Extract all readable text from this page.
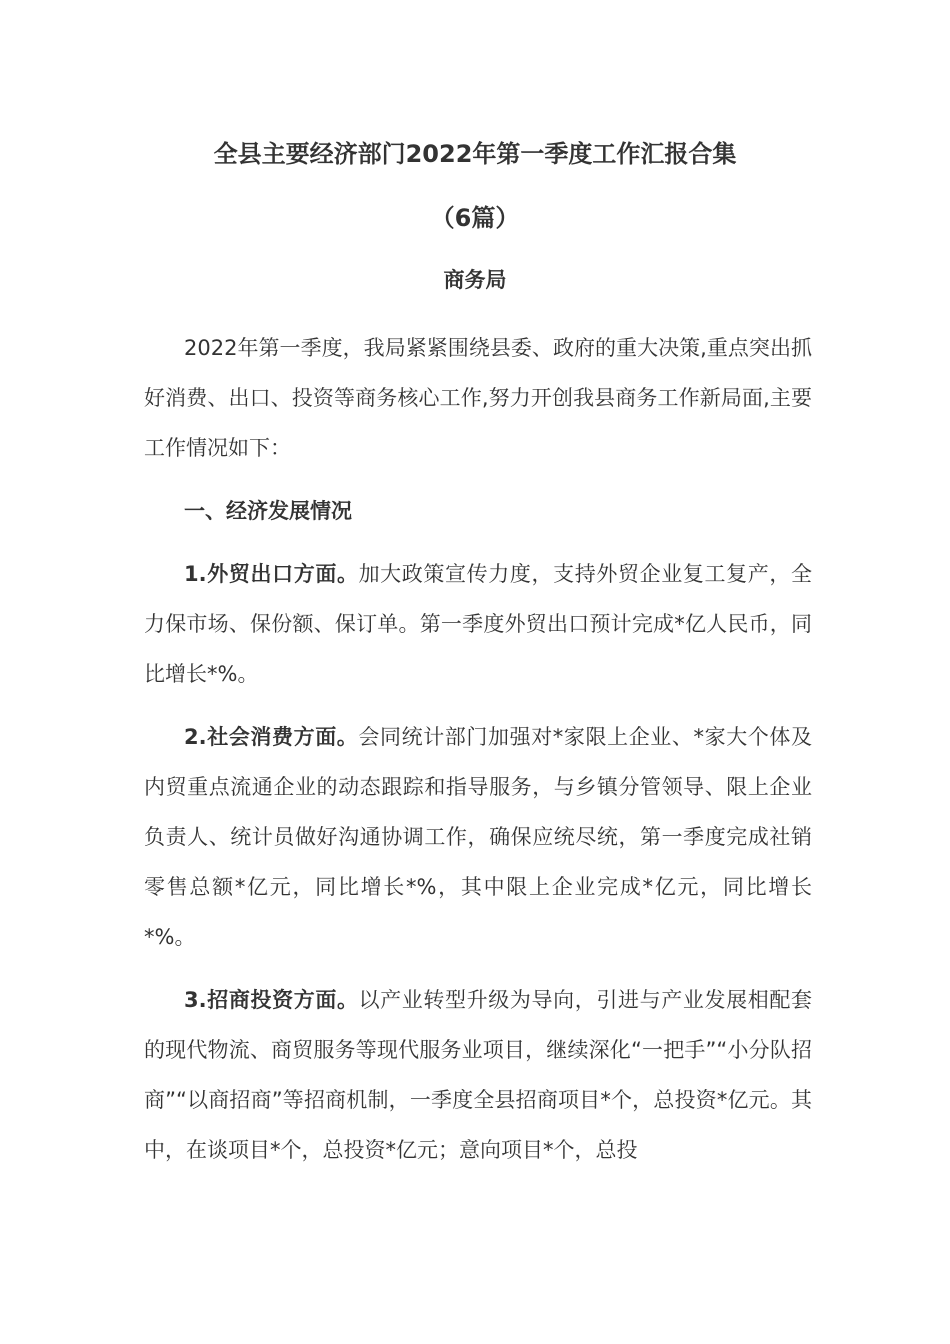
全县主要经济部门2022年第一季度工作汇报合集
（6篇）
商务局

2022年第一季度，我局紧紧围绕县委、政府的重大决策,重点突出抓好消费、出口、投资等商务核心工作,努力开创我县商务工作新局面,主要工作情况如下：

一、经济发展情况

1.外贸出口方面。加大政策宣传力度，支持外贸企业复工复产，全力保市场、保份额、保订单。第一季度外贸出口预计完成*亿人民币，同比增长*%。

2.社会消费方面。会同统计部门加强对*家限上企业、*家大个体及内贸重点流通企业的动态跟踪和指导服务，与乡镇分管领导、限上企业负责人、统计员做好沟通协调工作，确保应统尽统，第一季度完成社销零售总额*亿元，同比增长*%，其中限上企业完成*亿元，同比增长*%。

3.招商投资方面。以产业转型升级为导向，引进与产业发展相配套的现代物流、商贸服务等现代服务业项目，继续深化“一把手”“小分队招商”“以商招商”等招商机制，一季度全县招商项目*个，总投资*亿元。其中，在谈项目*个，总投资*亿元；意向项目*个，总投
